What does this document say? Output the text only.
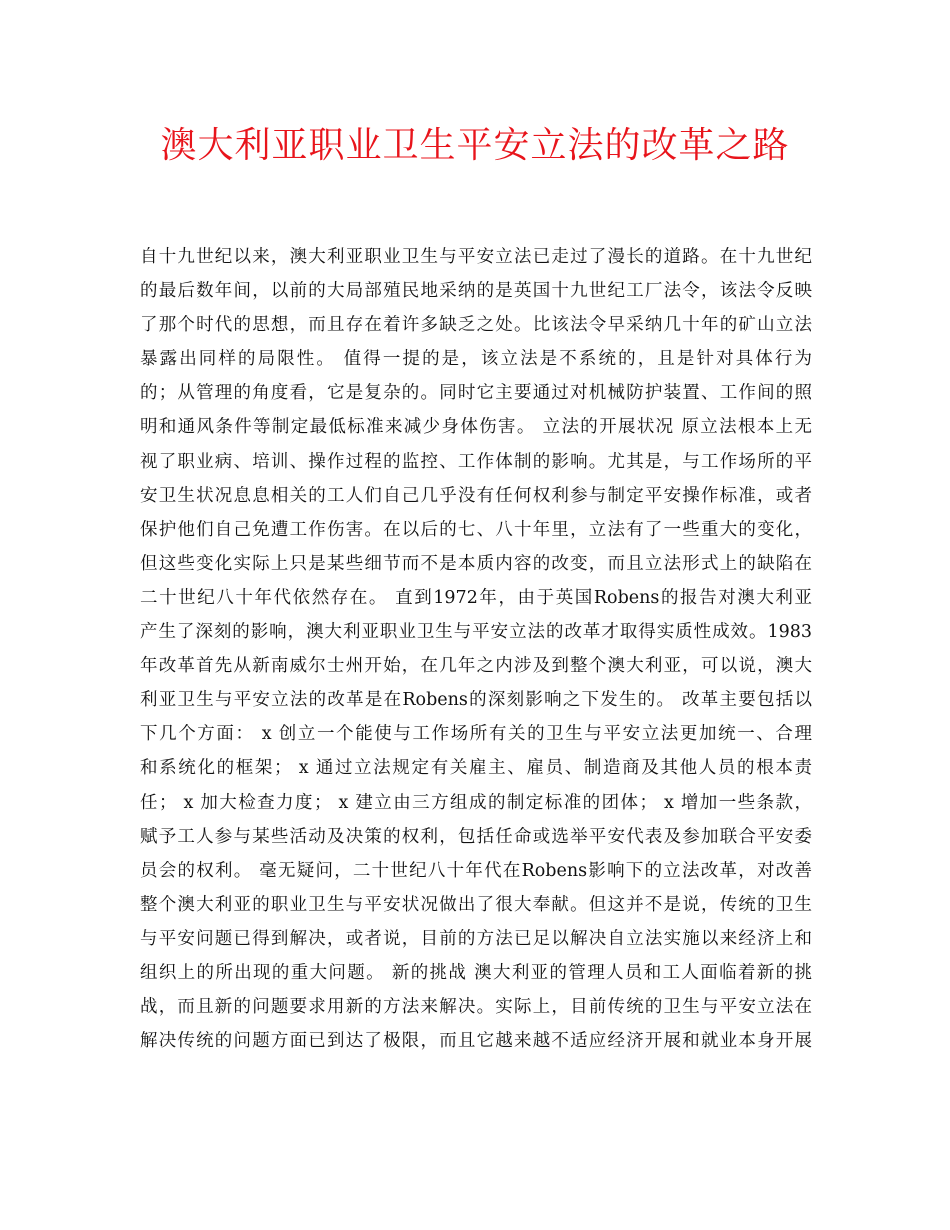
澳大利亚职业卫生平安立法的改革之路
自十九世纪以来，澳大利亚职业卫生与平安立法已走过了漫长的道路。在十九世纪
的最后数年间，以前的大局部殖民地采纳的是英国十九世纪工厂法令，该法令反映
了那个时代的思想，而且存在着许多缺乏之处。比该法令早采纳几十年的矿山立法
暴露出同样的局限性。 值得一提的是，该立法是不系统的，且是针对具体行为
的；从管理的角度看，它是复杂的。同时它主要通过对机械防护装置、工作间的照
明和通风条件等制定最低标准来减少身体伤害。 立法的开展状况 原立法根本上无
视了职业病、培训、操作过程的监控、工作体制的影响。尤其是，与工作场所的平
安卫生状况息息相关的工人们自己几乎没有任何权利参与制定平安操作标准，或者
保护他们自己免遭工作伤害。在以后的七、八十年里，立法有了一些重大的变化，
但这些变化实际上只是某些细节而不是本质内容的改变，而且立法形式上的缺陷在
二十世纪八十年代依然存在。 直到1972年，由于英国Robens的报告对澳大利亚
产生了深刻的影响，澳大利亚职业卫生与平安立法的改革才取得实质性成效。1983
年改革首先从新南威尔士州开始，在几年之内涉及到整个澳大利亚，可以说，澳大
利亚卫生与平安立法的改革是在Robens的深刻影响之下发生的。 改革主要包括以
下几个方面： x 创立一个能使与工作场所有关的卫生与平安立法更加统一、合理
和系统化的框架； x 通过立法规定有关雇主、雇员、制造商及其他人员的根本责
任； x 加大检查力度； x 建立由三方组成的制定标准的团体； x 增加一些条款，
赋予工人参与某些活动及决策的权利，包括任命或选举平安代表及参加联合平安委
员会的权利。 毫无疑问，二十世纪八十年代在Robens影响下的立法改革，对改善
整个澳大利亚的职业卫生与平安状况做出了很大奉献。但这并不是说，传统的卫生
与平安问题已得到解决，或者说，目前的方法已足以解决自立法实施以来经济上和
组织上的所出现的重大问题。 新的挑战 澳大利亚的管理人员和工人面临着新的挑
战，而且新的问题要求用新的方法来解决。实际上，目前传统的卫生与平安立法在
解决传统的问题方面已到达了极限，而且它越来越不适应经济开展和就业本身开展
